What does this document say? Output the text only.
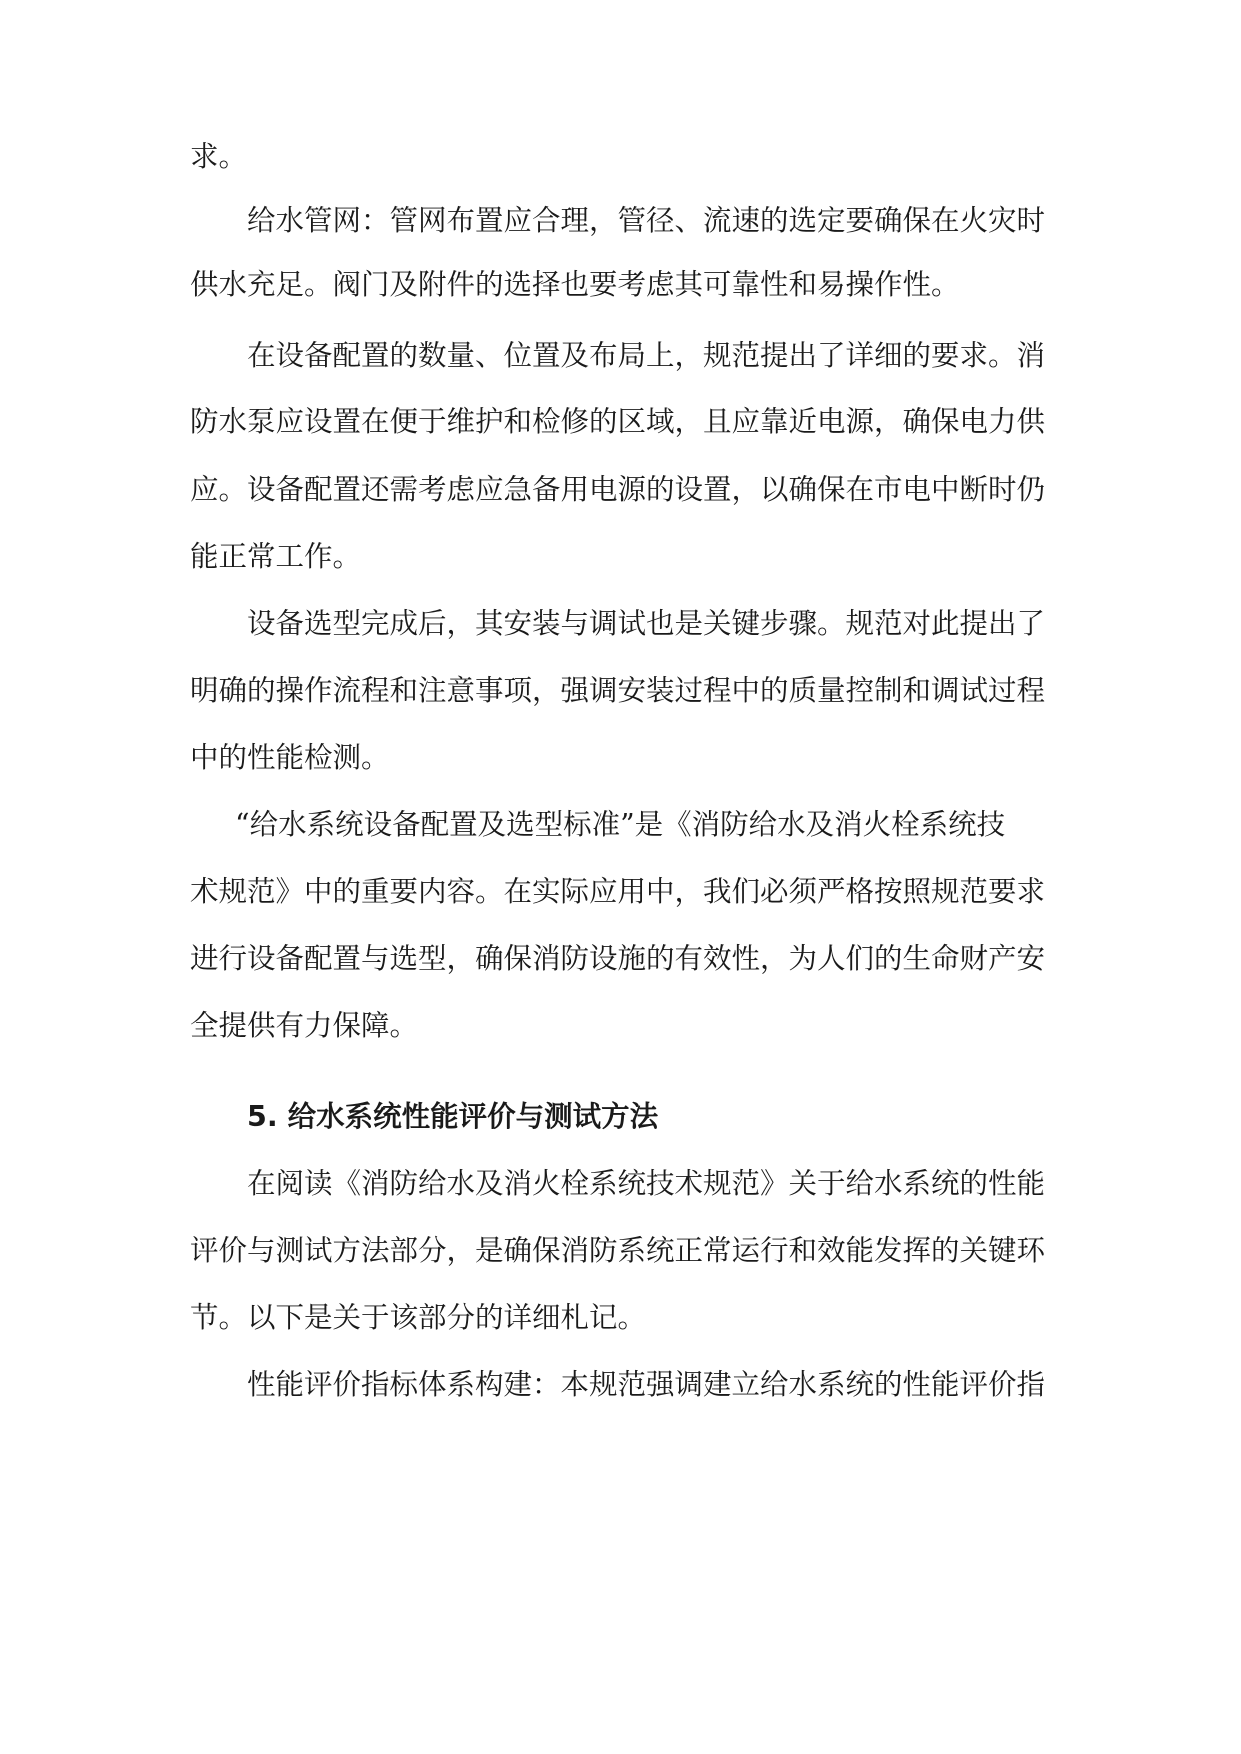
求。
给水管网：管网布置应合理，管径、流速的选定要确保在火灾时
供水充足。阀门及附件的选择也要考虑其可靠性和易操作性。
在设备配置的数量、位置及布局上，规范提出了详细的要求。消
防水泵应设置在便于维护和检修的区域，且应靠近电源，确保电力供
应。设备配置还需考虑应急备用电源的设置，以确保在市电中断时仍
能正常工作。
设备选型完成后，其安装与调试也是关键步骤。规范对此提出了
明确的操作流程和注意事项，强调安装过程中的质量控制和调试过程
中的性能检测。
“给水系统设备配置及选型标准”是《消防给水及消火栓系统技
术规范》中的重要内容。在实际应用中，我们必须严格按照规范要求
进行设备配置与选型，确保消防设施的有效性，为人们的生命财产安
全提供有力保障。
5. 给水系统性能评价与测试方法
在阅读《消防给水及消火栓系统技术规范》关于给水系统的性能
评价与测试方法部分，是确保消防系统正常运行和效能发挥的关键环
节。以下是关于该部分的详细札记。
性能评价指标体系构建：本规范强调建立给水系统的性能评价指
